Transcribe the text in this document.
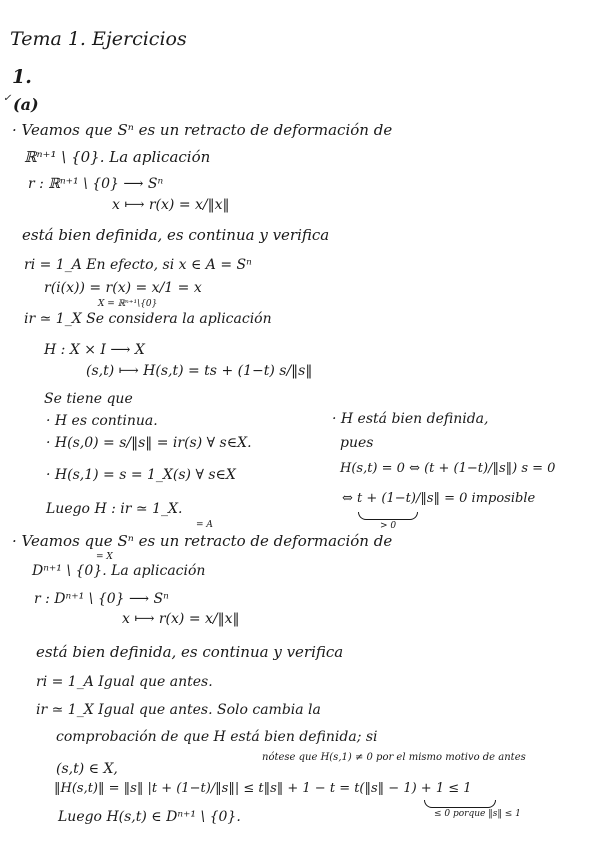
Tema 1. Ejercicios
1.
✓ (a)
· Veamos que Sⁿ es un retracto de deformación de
ℝⁿ⁺¹ \ {0}. La aplicación
r : ℝⁿ⁺¹ \ {0} ⟶ Sⁿ
x ⟼ r(x) = x/‖x‖
está bien definida, es continua y verifica
ri = 1_A En efecto, si x ∈ A = Sⁿ
r(i(x)) = r(x) = x/1 = x
X = ℝⁿ⁺¹\{0}
ir ≃ 1_X Se considera la aplicación
H : X × I ⟶ X
(s,t) ⟼ H(s,t) = ts + (1−t) s/‖s‖
Se tiene que
· H es continua.
· H(s,0) = s/‖s‖ = ir(s) ∀ s∈X.
· H(s,1) = s = 1_X(s) ∀ s∈X
Luego H : ir ≃ 1_X.
· H está bien definida,
pues
H(s,t) = 0 ⇔ (t + (1−t)/‖s‖) s = 0
⇔ t + (1−t)/‖s‖ = 0 imposible
> 0
= A
· Veamos que Sⁿ es un retracto de deformación de
= X
Dⁿ⁺¹ \ {0}. La aplicación
r : Dⁿ⁺¹ \ {0} ⟶ Sⁿ
x ⟼ r(x) = x/‖x‖
está bien definida, es continua y verifica
ri = 1_A Igual que antes.
ir ≃ 1_X Igual que antes. Solo cambia la
comprobación de que H está bien definida; si
nótese que H(s,1) ≠ 0 por el mismo motivo de antes
(s,t) ∈ X,
‖H(s,t)‖ = ‖s‖ |t + (1−t)/‖s‖| ≤ t‖s‖ + 1 − t = t(‖s‖ − 1) + 1 ≤ 1
≤ 0 porque ‖s‖ ≤ 1
Luego H(s,t) ∈ Dⁿ⁺¹ \ {0}.
